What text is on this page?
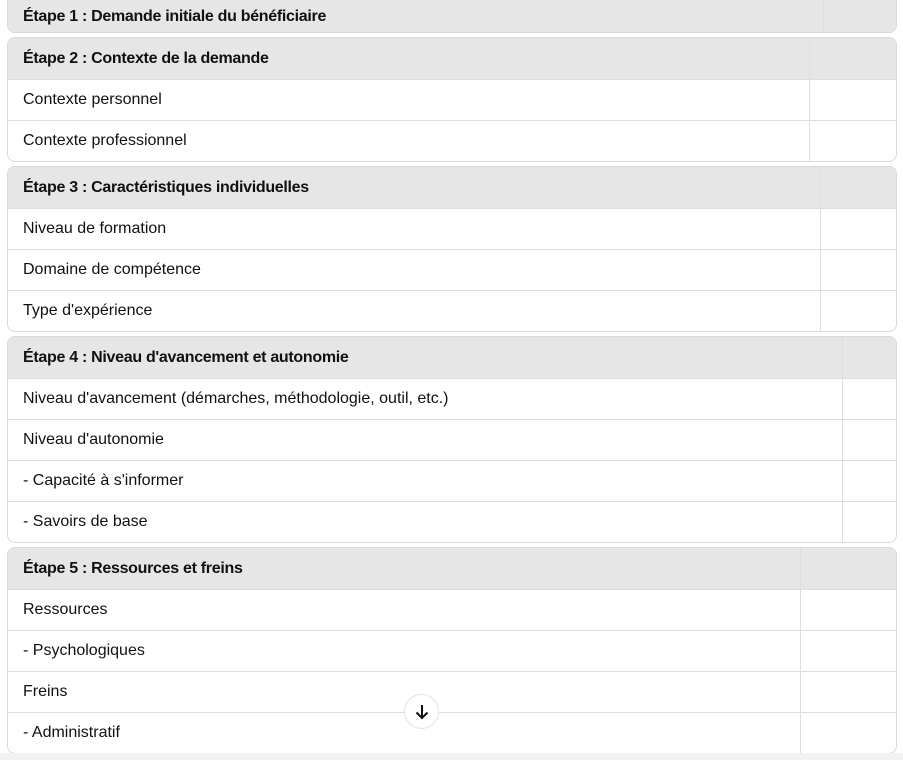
Étape 1 : Demande initiale du bénéficiaire
Étape 2 : Contexte de la demande
Contexte personnel
Contexte professionnel
Étape 3 : Caractéristiques individuelles
Niveau de formation
Domaine de compétence
Type d'expérience
Étape 4 : Niveau d'avancement et autonomie
Niveau d'avancement (démarches, méthodologie, outil, etc.)
Niveau d'autonomie
- Capacité à s'informer
- Savoirs de base
Étape 5 : Ressources et freins
Ressources
- Psychologiques
Freins
- Administratif
